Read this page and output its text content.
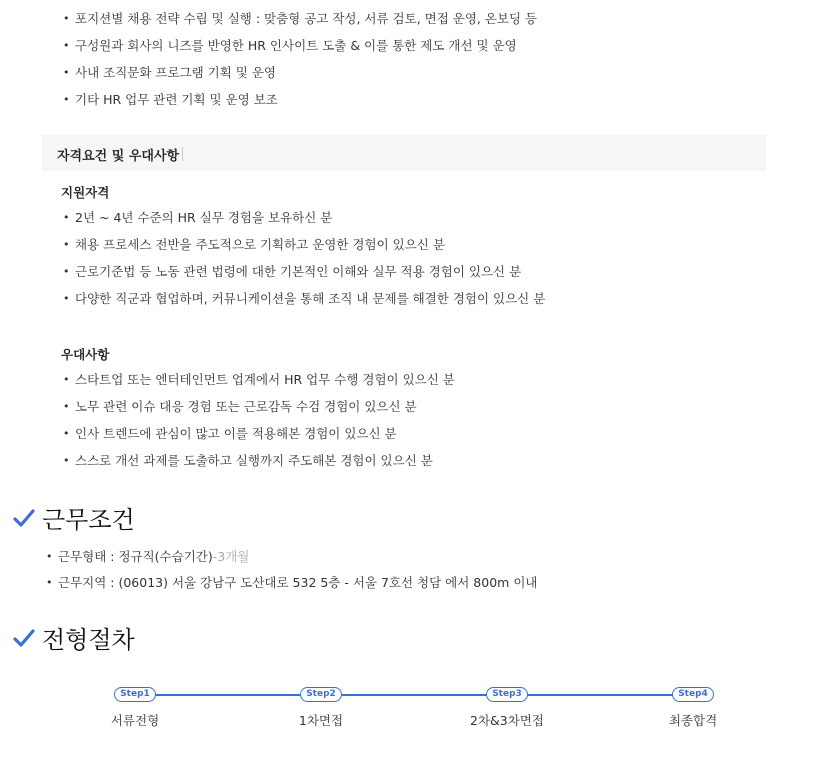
• 포지션별 채용 전략 수립 및 실행 : 맞춤형 공고 작성, 서류 검토, 면접 운영, 온보딩 등
• 구성원과 회사의 니즈를 반영한 HR 인사이트 도출 & 이를 통한 제도 개선 및 운영
• 사내 조직문화 프로그램 기획 및 운영
• 기타 HR 업무 관련 기획 및 운영 보조
자격요건 및 우대사항
지원자격
• 2년 ~ 4년 수준의 HR 실무 경험을 보유하신 분
• 채용 프로세스 전반을 주도적으로 기획하고 운영한 경험이 있으신 분
• 근로기준법 등 노동 관련 법령에 대한 기본적인 이해와 실무 적용 경험이 있으신 분
• 다양한 직군과 협업하며, 커뮤니케이션을 통해 조직 내 문제를 해결한 경험이 있으신 분
우대사항
• 스타트업 또는 엔터테인먼트 업계에서 HR 업무 수행 경험이 있으신 분
• 노무 관련 이슈 대응 경험 또는 근로감독 수검 경험이 있으신 분
• 인사 트렌드에 관심이 많고 이를 적용해본 경험이 있으신 분
• 스스로 개선 과제를 도출하고 실행까지 주도해본 경험이 있으신 분
근무조건
• 근무형태 : 정규직(수습기간)-3개월
• 근무지역 : (06013) 서울 강남구 도산대로 532 5층 - 서울 7호선 청담 에서 800m 이내
전형절차
Step1
서류전형
Step2
1차면접
Step3
2차&3차면접
Step4
최종합격
